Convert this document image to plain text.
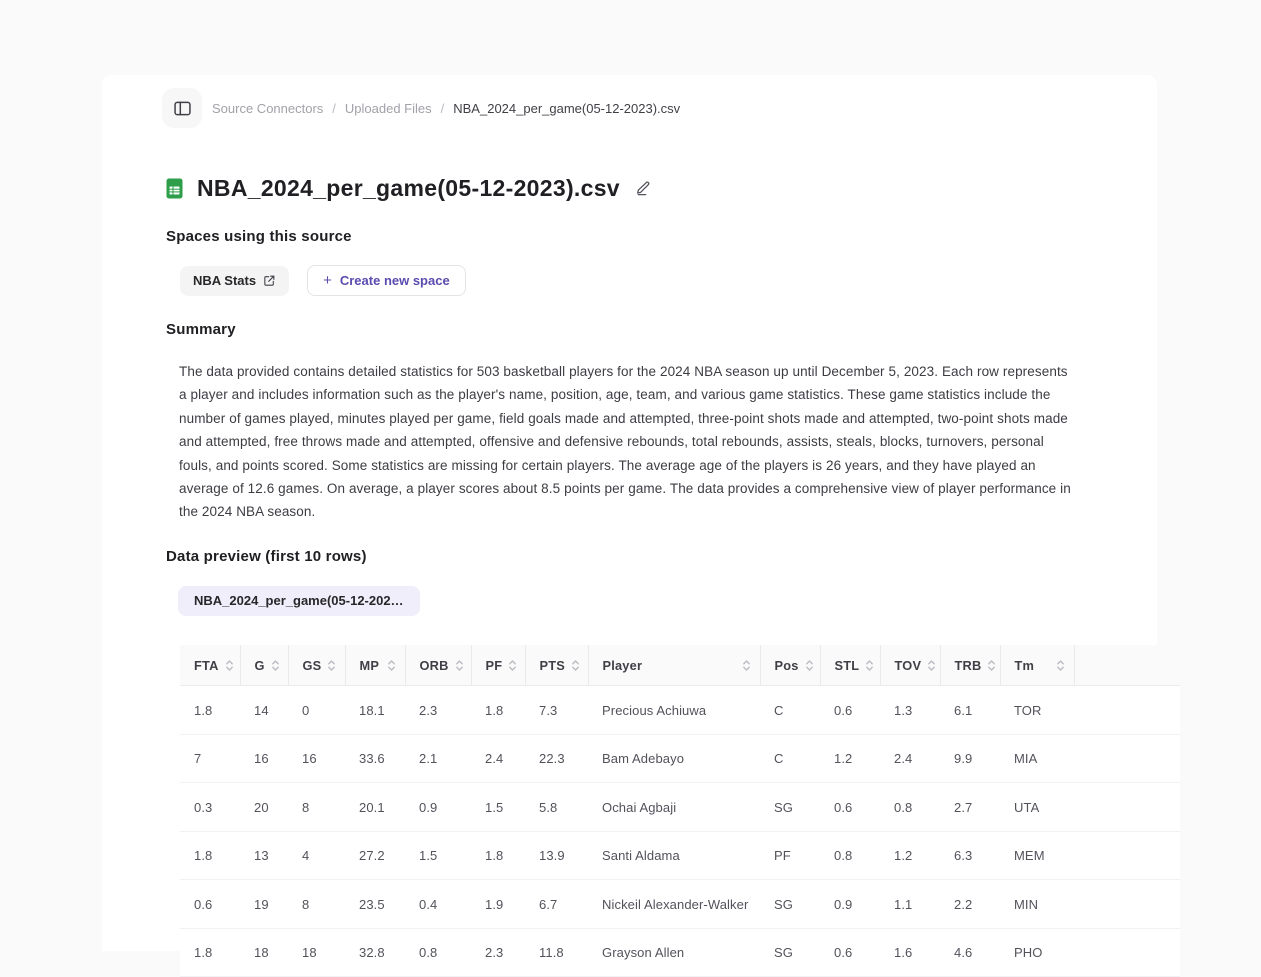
Source Connectors / Uploaded Files / NBA_2024_per_game(05-12-2023).csv
NBA_2024_per_game(05-12-2023).csv
Spaces using this source
NBA Stats	+ Create new space
Summary

The data provided contains detailed statistics for 503 basketball players for the 2024 NBA season up until December 5, 2023. Each row represents a player and includes information such as the player's name, position, age, team, and various game statistics. These game statistics include the number of games played, minutes played per game, field goals made and attempted, three-point shots made and attempted, two-point shots made and attempted, free throws made and attempted, offensive and defensive rebounds, total rebounds, assists, steals, blocks, turnovers, personal fouls, and points scored. Some statistics are missing for certain players. The average age of the players is 26 years, and they have played an average of 12.6 games. On average, a player scores about 8.5 points per game. The data provides a comprehensive view of player performance in the 2024 NBA season.

Data preview (first 10 rows)
NBA_2024_per_game(05-12-202…
FTA	G	GS	MP	ORB	PF	PTS	Player	Pos	STL	TOV	TRB	Tm	

1.8	14	0	18.1	2.3	1.8	7.3	Precious Achiuwa	C	0.6	1.3	6.1	TOR	
7	16	16	33.6	2.1	2.4	22.3	Bam Adebayo	C	1.2	2.4	9.9	MIA	
0.3	20	8	20.1	0.9	1.5	5.8	Ochai Agbaji	SG	0.6	0.8	2.7	UTA	
1.8	13	4	27.2	1.5	1.8	13.9	Santi Aldama	PF	0.8	1.2	6.3	MEM	
0.6	19	8	23.5	0.4	1.9	6.7	Nickeil Alexander-Walker	SG	0.9	1.1	2.2	MIN	
1.8	18	18	32.8	0.8	2.3	11.8	Grayson Allen	SG	0.6	1.6	4.6	PHO	
